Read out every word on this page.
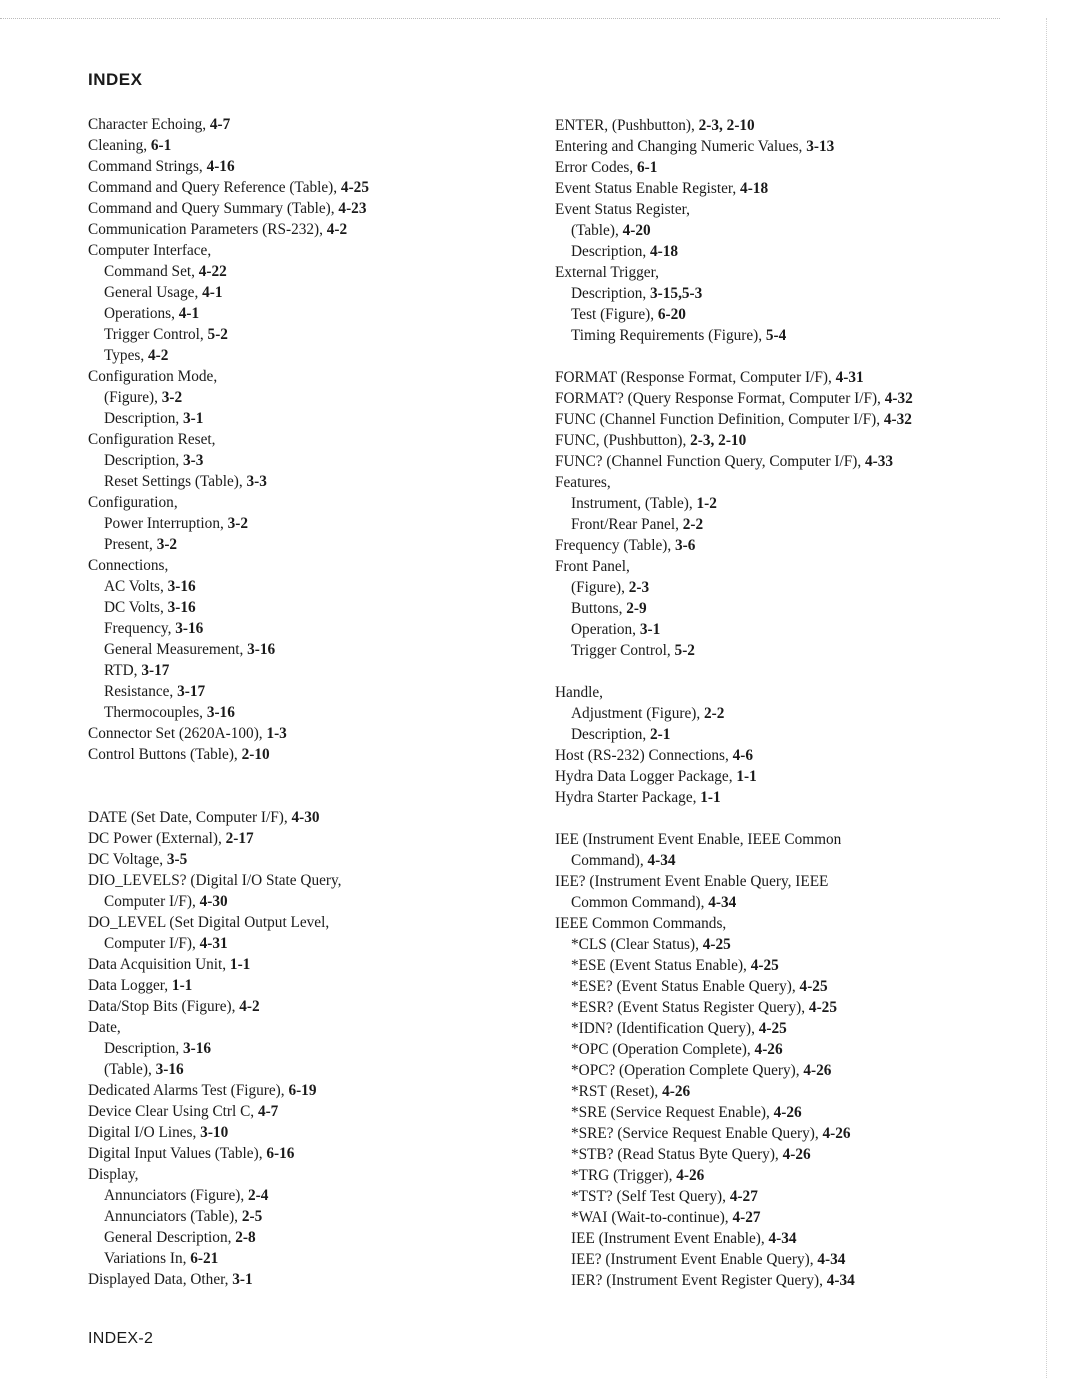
INDEX
Character Echoing, 4-7
Cleaning, 6-1
Command Strings, 4-16
Command and Query Reference (Table), 4-25
Command and Query Summary (Table), 4-23
Communication Parameters (RS-232), 4-2
Computer Interface,
Command Set, 4-22
General Usage, 4-1
Operations, 4-1
Trigger Control, 5-2
Types, 4-2
Configuration Mode,
(Figure), 3-2
Description, 3-1
Configuration Reset,
Description, 3-3
Reset Settings (Table), 3-3
Configuration,
Power Interruption, 3-2
Present, 3-2
Connections,
AC Volts, 3-16
DC Volts, 3-16
Frequency, 3-16
General Measurement, 3-16
RTD, 3-17
Resistance, 3-17
Thermocouples, 3-16
Connector Set (2620A-100), 1-3
Control Buttons (Table), 2-10
DATE (Set Date, Computer I/F), 4-30
DC Power (External), 2-17
DC Voltage, 3-5
DIO_LEVELS? (Digital I/O State Query,
Computer I/F), 4-30
DO_LEVEL (Set Digital Output Level,
Computer I/F), 4-31
Data Acquisition Unit, 1-1
Data Logger, 1-1
Data/Stop Bits (Figure), 4-2
Date,
Description, 3-16
(Table), 3-16
Dedicated Alarms Test (Figure), 6-19
Device Clear Using Ctrl C, 4-7
Digital I/O Lines, 3-10
Digital Input Values (Table), 6-16
Display,
Annunciators (Figure), 2-4
Annunciators (Table), 2-5
General Description, 2-8
Variations In, 6-21
Displayed Data, Other, 3-1
ENTER, (Pushbutton), 2-3, 2-10
Entering and Changing Numeric Values, 3-13
Error Codes, 6-1
Event Status Enable Register, 4-18
Event Status Register,
(Table), 4-20
Description, 4-18
External Trigger,
Description, 3-15,5-3
Test (Figure), 6-20
Timing Requirements (Figure), 5-4
FORMAT (Response Format, Computer I/F), 4-31
FORMAT? (Query Response Format, Computer I/F), 4-32
FUNC (Channel Function Definition, Computer I/F), 4-32
FUNC, (Pushbutton), 2-3, 2-10
FUNC? (Channel Function Query, Computer I/F), 4-33
Features,
Instrument, (Table), 1-2
Front/Rear Panel, 2-2
Frequency (Table), 3-6
Front Panel,
(Figure), 2-3
Buttons, 2-9
Operation, 3-1
Trigger Control, 5-2
Handle,
Adjustment (Figure), 2-2
Description, 2-1
Host (RS-232) Connections, 4-6
Hydra Data Logger Package, 1-1
Hydra Starter Package, 1-1
IEE (Instrument Event Enable, IEEE Common
Command), 4-34
IEE? (Instrument Event Enable Query, IEEE
Common Command), 4-34
IEEE Common Commands,
*CLS (Clear Status), 4-25
*ESE (Event Status Enable), 4-25
*ESE? (Event Status Enable Query), 4-25
*ESR? (Event Status Register Query), 4-25
*IDN? (Identification Query), 4-25
*OPC (Operation Complete), 4-26
*OPC? (Operation Complete Query), 4-26
*RST (Reset), 4-26
*SRE (Service Request Enable), 4-26
*SRE? (Service Request Enable Query), 4-26
*STB? (Read Status Byte Query), 4-26
*TRG (Trigger), 4-26
*TST? (Self Test Query), 4-27
*WAI (Wait-to-continue), 4-27
IEE (Instrument Event Enable), 4-34
IEE? (Instrument Event Enable Query), 4-34
IER? (Instrument Event Register Query), 4-34

INDEX-2
